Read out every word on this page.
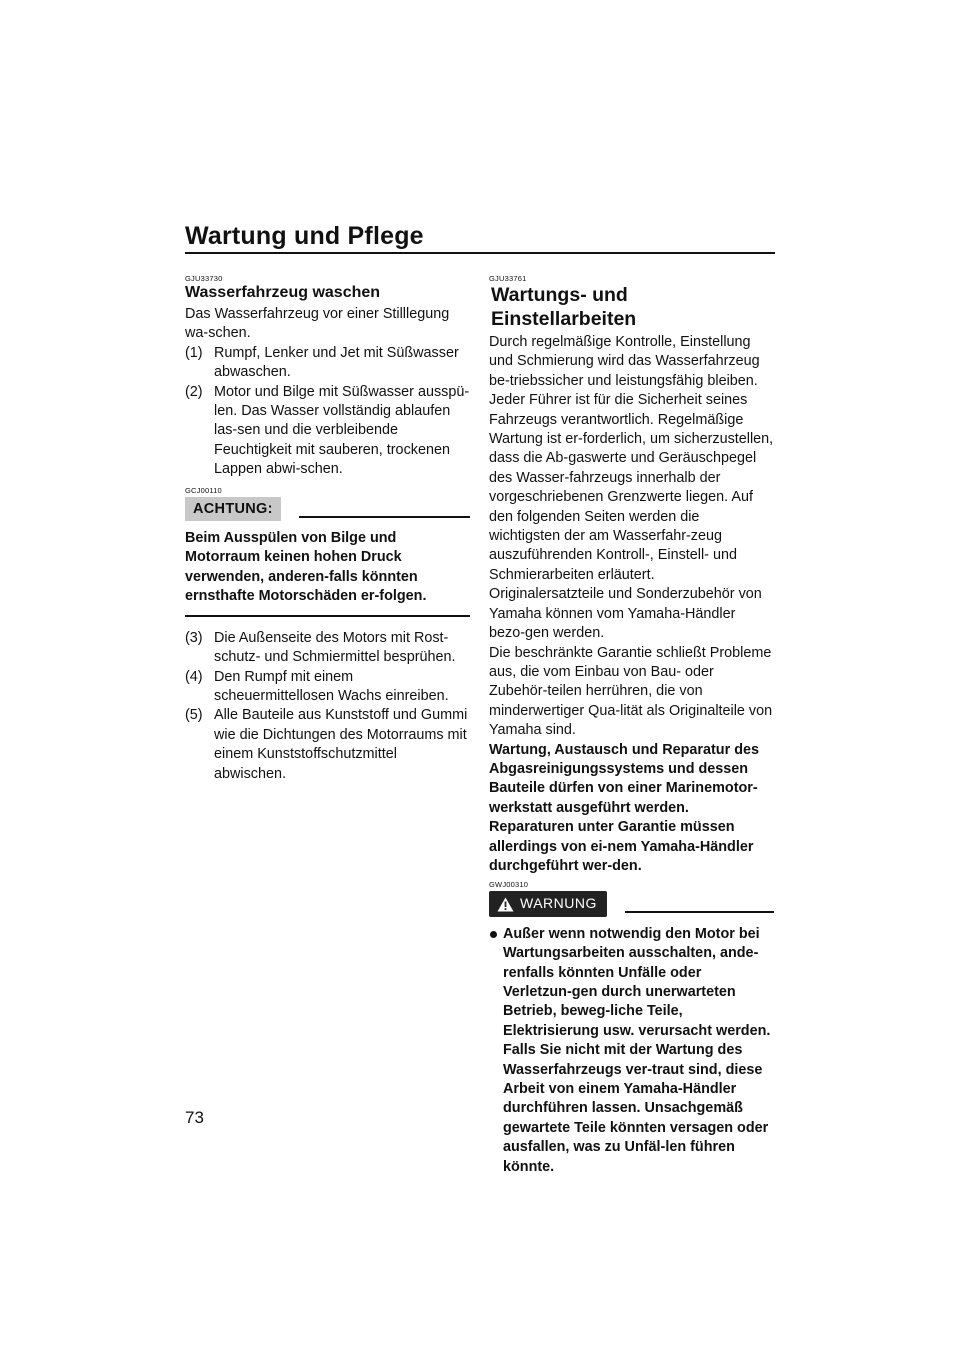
Wartung und Pflege
GJU33730
Wasserfahrzeug waschen

Das Wasserfahrzeug vor einer Stilllegung wa-schen.

(1) Rumpf, Lenker und Jet mit Süßwasser abwaschen.
(2) Motor und Bilge mit Süßwasser ausspü-len. Das Wasser vollständig ablaufen las-sen und die verbleibende Feuchtigkeit mit sauberen, trockenen Lappen abwi-schen.
GCJ00110
ACHTUNG:
Beim Ausspülen von Bilge und Motorraum keinen hohen Druck verwenden, anderen-falls könnten ernsthafte Motorschäden er-folgen.
(3) Die Außenseite des Motors mit Rost-schutz- und Schmiermittel besprühen.
(4) Den Rumpf mit einem scheuermittellosen Wachs einreiben.
(5) Alle Bauteile aus Kunststoff und Gummi wie die Dichtungen des Motorraums mit einem Kunststoffschutzmittel abwischen.
GJU33761
Wartungs- und Einstellarbeiten

Durch regelmäßige Kontrolle, Einstellung und Schmierung wird das Wasserfahrzeug be-triebssicher und leistungsfähig bleiben. Jeder Führer ist für die Sicherheit seines Fahrzeugs verantwortlich. Regelmäßige Wartung ist er-forderlich, um sicherzustellen, dass die Ab-gaswerte und Geräuschpegel des Wasser-fahrzeugs innerhalb der vorgeschriebenen Grenzwerte liegen. Auf den folgenden Seiten werden die wichtigsten der am Wasserfahr-zeug auszuführenden Kontroll-, Einstell- und Schmierarbeiten erläutert.

Originalersatzteile und Sonderzubehör von Yamaha können vom Yamaha-Händler bezo-gen werden.

Die beschränkte Garantie schließt Probleme aus, die vom Einbau von Bau- oder Zubehör-teilen herrühren, die von minderwertiger Qua-lität als Originalteile von Yamaha sind.

Wartung, Austausch und Reparatur des Abgasreinigungssystems und dessen Bauteile dürfen von einer Marinemotor-werkstatt ausgeführt werden. Reparaturen unter Garantie müssen allerdings von ei-nem Yamaha-Händler durchgeführt wer-den.

GWJ00310
WARNUNG
Außer wenn notwendig den Motor bei Wartungsarbeiten ausschalten, ande-renfalls könnten Unfälle oder Verletzun-gen durch unerwarteten Betrieb, beweg-liche Teile, Elektrisierung usw. verursacht werden. Falls Sie nicht mit der Wartung des Wasserfahrzeugs ver-traut sind, diese Arbeit von einem Yamaha-Händler durchführen lassen. Unsachgemäß gewartete Teile könnten versagen oder ausfallen, was zu Unfäl-len führen könnte.
73
